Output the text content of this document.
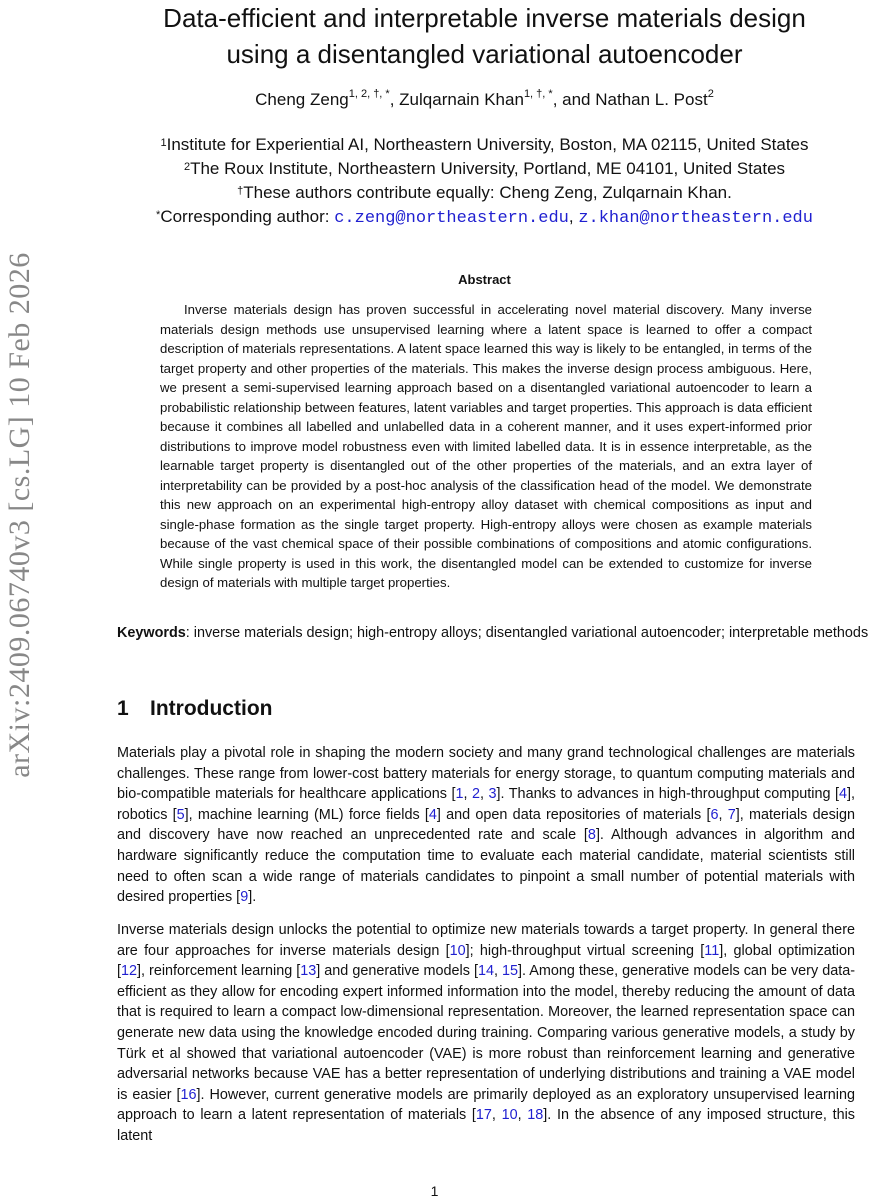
arXiv:2409.06740v3 [cs.LG] 10 Feb 2026
Data-efficient and interpretable inverse materials design
using a disentangled variational autoencoder
Cheng Zeng$^{1, 2, \dagger, *}$, Zulqarnain Khan$^{1, \dagger, *}$, and Nathan L. Post$^2$
$^1$Institute for Experiential AI, Northeastern University, Boston, MA 02115, United States
$^2$The Roux Institute, Northeastern University, Portland, ME 04101, United States
†These authors contribute equally: Cheng Zeng, Zulqarnain Khan.
*Corresponding author: c.zeng@northeastern.edu, z.khan@northeastern.edu
Abstract

Inverse materials design has proven successful in accelerating novel material discovery. Many inverse materials design methods use unsupervised learning where a latent space is learned to offer a compact description of materials representations. A latent space learned this way is likely to be entangled, in terms of the target property and other properties of the materials. This makes the inverse design process ambiguous. Here, we present a semi-supervised learning approach based on a disentangled variational autoencoder to learn a probabilistic relationship between features, latent variables and target properties. This approach is data efficient because it combines all labelled and unlabelled data in a coherent manner, and it uses expert-informed prior distributions to improve model robustness even with limited labelled data. It is in essence interpretable, as the learnable target property is disentangled out of the other properties of the materials, and an extra layer of interpretability can be provided by a post-hoc analysis of the classification head of the model. We demonstrate this new approach on an experimental high-entropy alloy dataset with chemical compositions as input and single-phase formation as the single target property. High-entropy alloys were chosen as example materials because of the vast chemical space of their possible combinations of compositions and atomic configurations. While single property is used in this work, the disentangled model can be extended to customize for inverse design of materials with multiple target properties.

Keywords: inverse materials design; high-entropy alloys; disentangled variational autoencoder; interpretable methods

1 Introduction

Materials play a pivotal role in shaping the modern society and many grand technological challenges are materials challenges. These range from lower-cost battery materials for energy storage, to quantum computing materials and bio-compatible materials for healthcare applications [1, 2, 3]. Thanks to advances in high-throughput computing [4], robotics [5], machine learning (ML) force fields [4] and open data repositories of materials [6, 7], materials design and discovery have now reached an unprecedented rate and scale [8]. Although advances in algorithm and hardware significantly reduce the computation time to evaluate each material candidate, material scientists still need to often scan a wide range of materials candidates to pinpoint a small number of potential materials with desired properties [9].

Inverse materials design unlocks the potential to optimize new materials towards a target property. In general there are four approaches for inverse materials design [10]; high-throughput virtual screening [11], global optimization [12], reinforcement learning [13] and generative models [14, 15]. Among these, generative models can be very data-efficient as they allow for encoding expert informed information into the model, thereby reducing the amount of data that is required to learn a compact low-dimensional representation. Moreover, the learned representation space can generate new data using the knowledge encoded during training. Comparing various generative models, a study by Türk et al showed that variational autoencoder (VAE) is more robust than reinforcement learning and generative adversarial networks because VAE has a better representation of underlying distributions and training a VAE model is easier [16]. However, current generative models are primarily deployed as an exploratory unsupervised learning approach to learn a latent representation of materials [17, 10, 18]. In the absence of any imposed structure, this latent

1
